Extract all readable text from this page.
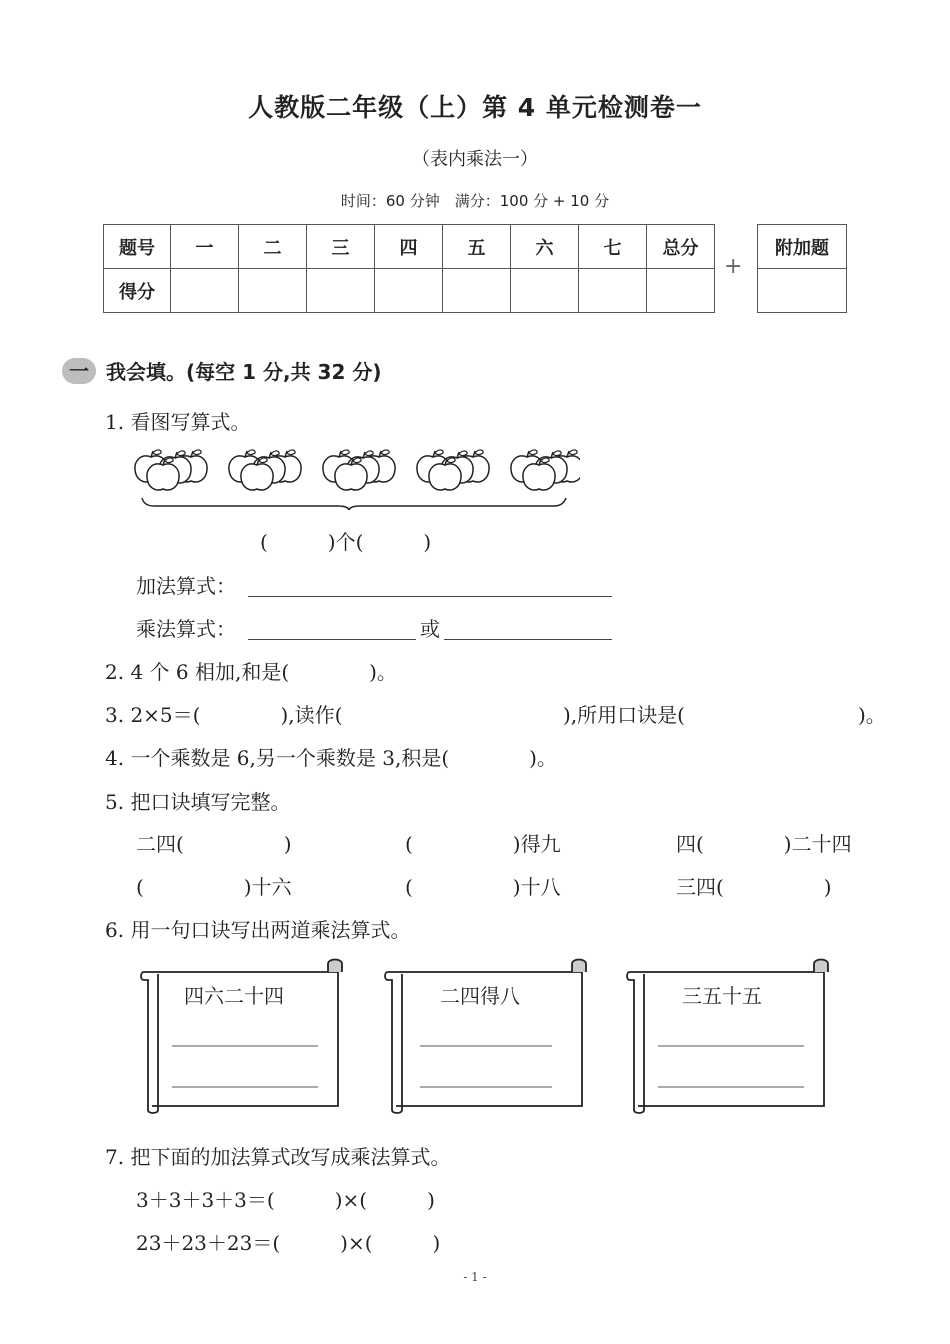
人教版二年级（上）第 4 单元检测卷一
（表内乘法一）
时间：60 分钟　满分：100 分 + 10 分
题号	一	二	三	四	五	六	七	总分
得分								
+
附加题

一 我会填。(每空 1 分,共 32 分)
1. 看图写算式。
(　　　)个(　　　)
加法算式：
乘法算式：	或
2. 4 个 6 相加,和是(　　　　)。
3. 2×5＝(　　　　),读作(	),所用口诀是(	)。
4. 一个乘数是 6,另一个乘数是 3,积是(　　　　)。
5. 把口诀填写完整。
二四(　　　　　)	(　　　　　)得九	四(　　　　)二十四
(　　　　　)十六	(　　　　　)十八	三四(　　　　　)
6. 用一句口诀写出两道乘法算式。
四六二十四	二四得八	三五十五
7. 把下面的加法算式改写成乘法算式。
3＋3＋3＋3＝(　　　)×(　　　)
23＋23＋23＝(　　　)×(　　　)
- 1 -
